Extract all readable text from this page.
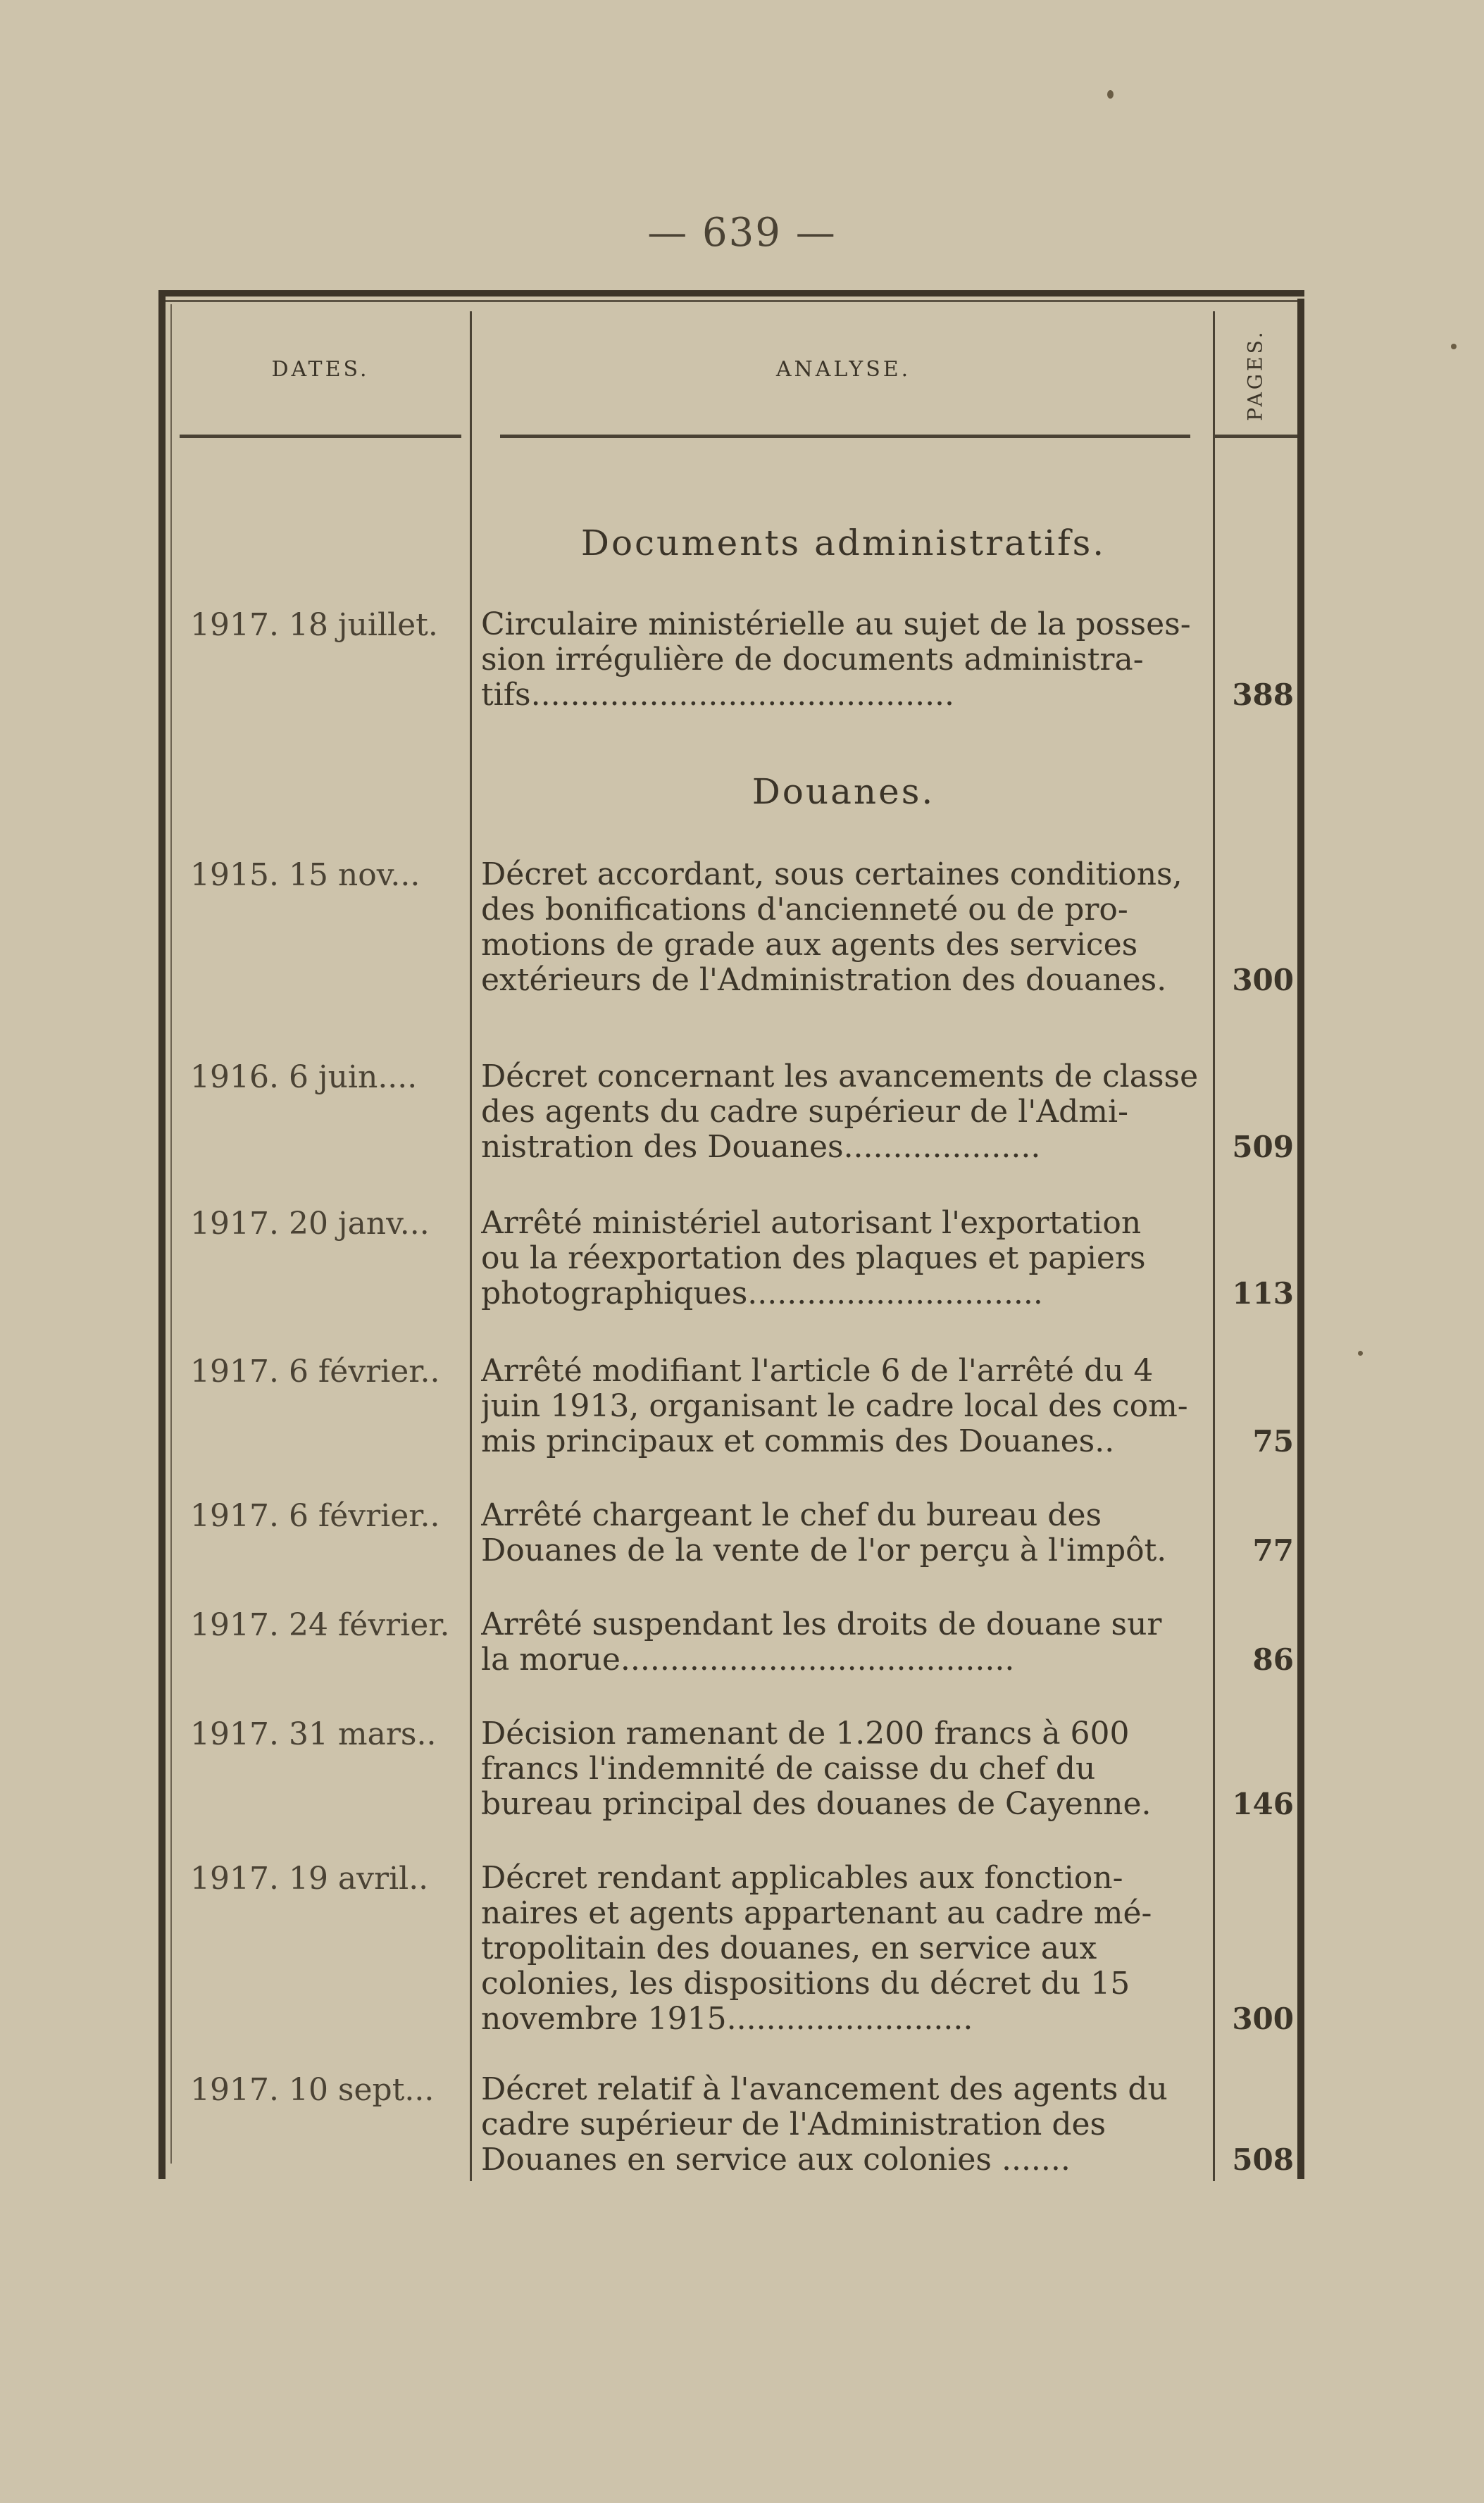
— 639 —
DATES.	ANALYSE.	PAGES.
Documents administratifs.
1917. 18 juillet.	Circulaire ministérielle au sujet de la posses-
sion irrégulière de documents administra-
tifs...........................................	388
Douanes.
1915. 15 nov...	Décret accordant, sous certaines conditions,
des bonifications d'ancienneté ou de pro-
motions de grade aux agents des services
extérieurs de l'Administration des douanes.	300
1916. 6 juin....	Décret concernant les avancements de classe
des agents du cadre supérieur de l'Admi-
nistration des Douanes....................	509
1917. 20 janv...	Arrêté ministériel autorisant l'exportation
ou la réexportation des plaques et papiers
photographiques..............................	113
1917. 6 février..	Arrêté modifiant l'article 6 de l'arrêté du 4
juin 1913, organisant le cadre local des com-
mis principaux et commis des Douanes..	75
1917. 6 février..	Arrêté chargeant le chef du bureau des
Douanes de la vente de l'or perçu à l'impôt.	77
1917. 24 février.	Arrêté suspendant les droits de douane sur
la morue........................................	86
1917. 31 mars..	Décision ramenant de 1.200 francs à 600
francs l'indemnité de caisse du chef du
bureau principal des douanes de Cayenne.	146
1917. 19 avril..	Décret rendant applicables aux fonction-
naires et agents appartenant au cadre mé-
tropolitain des douanes, en service aux
colonies, les dispositions du décret du 15
novembre 1915.........................	300
1917. 10 sept...	Décret relatif à l'avancement des agents du
cadre supérieur de l'Administration des
Douanes en service aux colonies .......	508
